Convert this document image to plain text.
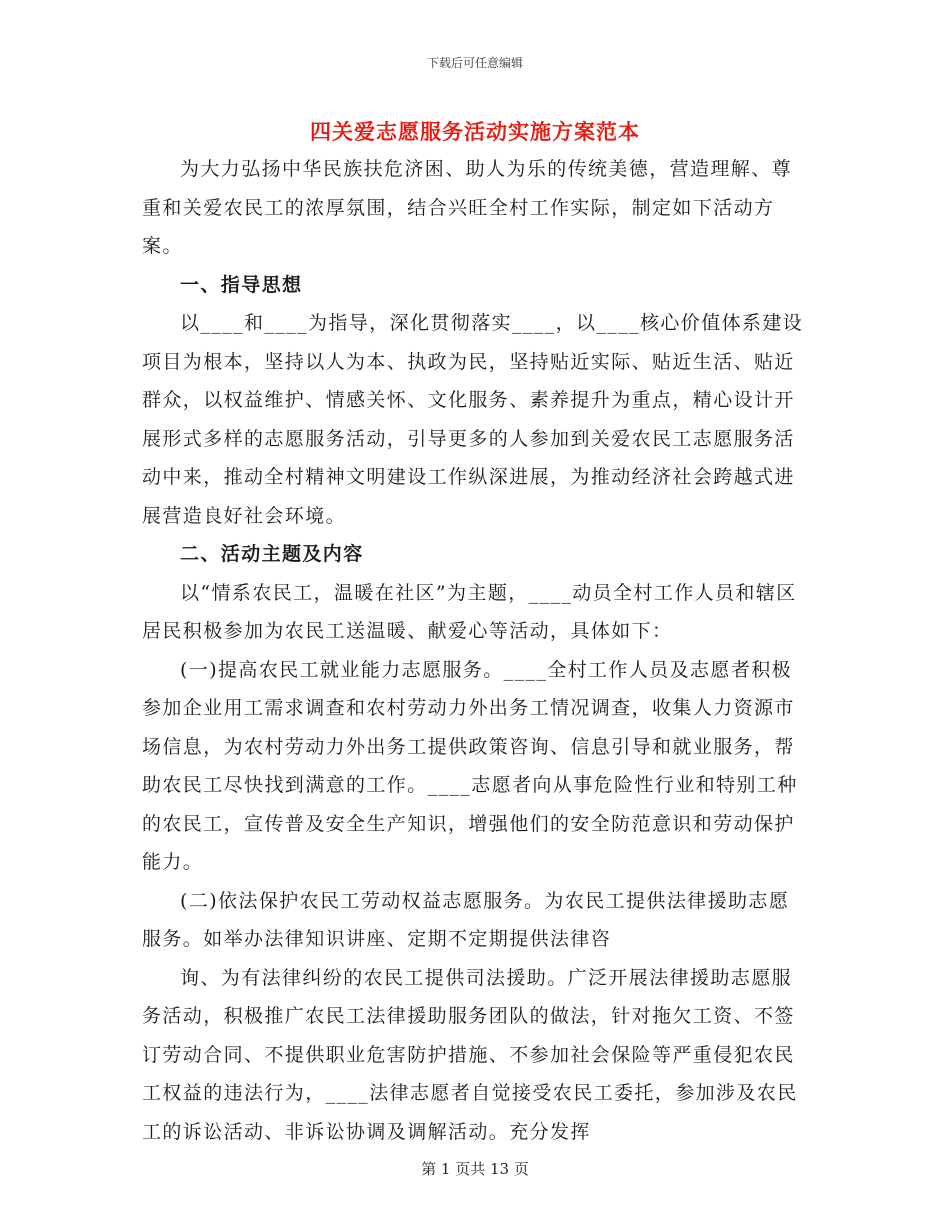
下载后可任意编辑
四关爱志愿服务活动实施方案范本

为大力弘扬中华民族扶危济困、助人为乐的传统美德，营造理解、尊重和关爱农民工的浓厚氛围，结合兴旺全村工作实际，制定如下活动方案。

一、指导思想

以____和____为指导，深化贯彻落实____，以____核心价值体系建设项目为根本，坚持以人为本、执政为民，坚持贴近实际、贴近生活、贴近群众，以权益维护、情感关怀、文化服务、素养提升为重点，精心设计开展形式多样的志愿服务活动，引导更多的人参加到关爱农民工志愿服务活动中来，推动全村精神文明建设工作纵深进展，为推动经济社会跨越式进展营造良好社会环境。

二、活动主题及内容

以“情系农民工，温暖在社区”为主题，____动员全村工作人员和辖区居民积极参加为农民工送温暖、献爱心等活动，具体如下：

(一)提高农民工就业能力志愿服务。____全村工作人员及志愿者积极参加企业用工需求调查和农村劳动力外出务工情况调查，收集人力资源市场信息，为农村劳动力外出务工提供政策咨询、信息引导和就业服务，帮助农民工尽快找到满意的工作。____志愿者向从事危险性行业和特别工种的农民工，宣传普及安全生产知识，增强他们的安全防范意识和劳动保护能力。

(二)依法保护农民工劳动权益志愿服务。为农民工提供法律援助志愿服务。如举办法律知识讲座、定期不定期提供法律咨

询、为有法律纠纷的农民工提供司法援助。广泛开展法律援助志愿服务活动，积极推广农民工法律援助服务团队的做法，针对拖欠工资、不签订劳动合同、不提供职业危害防护措施、不参加社会保险等严重侵犯农民工权益的违法行为，____法律志愿者自觉接受农民工委托，参加涉及农民工的诉讼活动、非诉讼协调及调解活动。充分发挥

第 1 页共 13 页
